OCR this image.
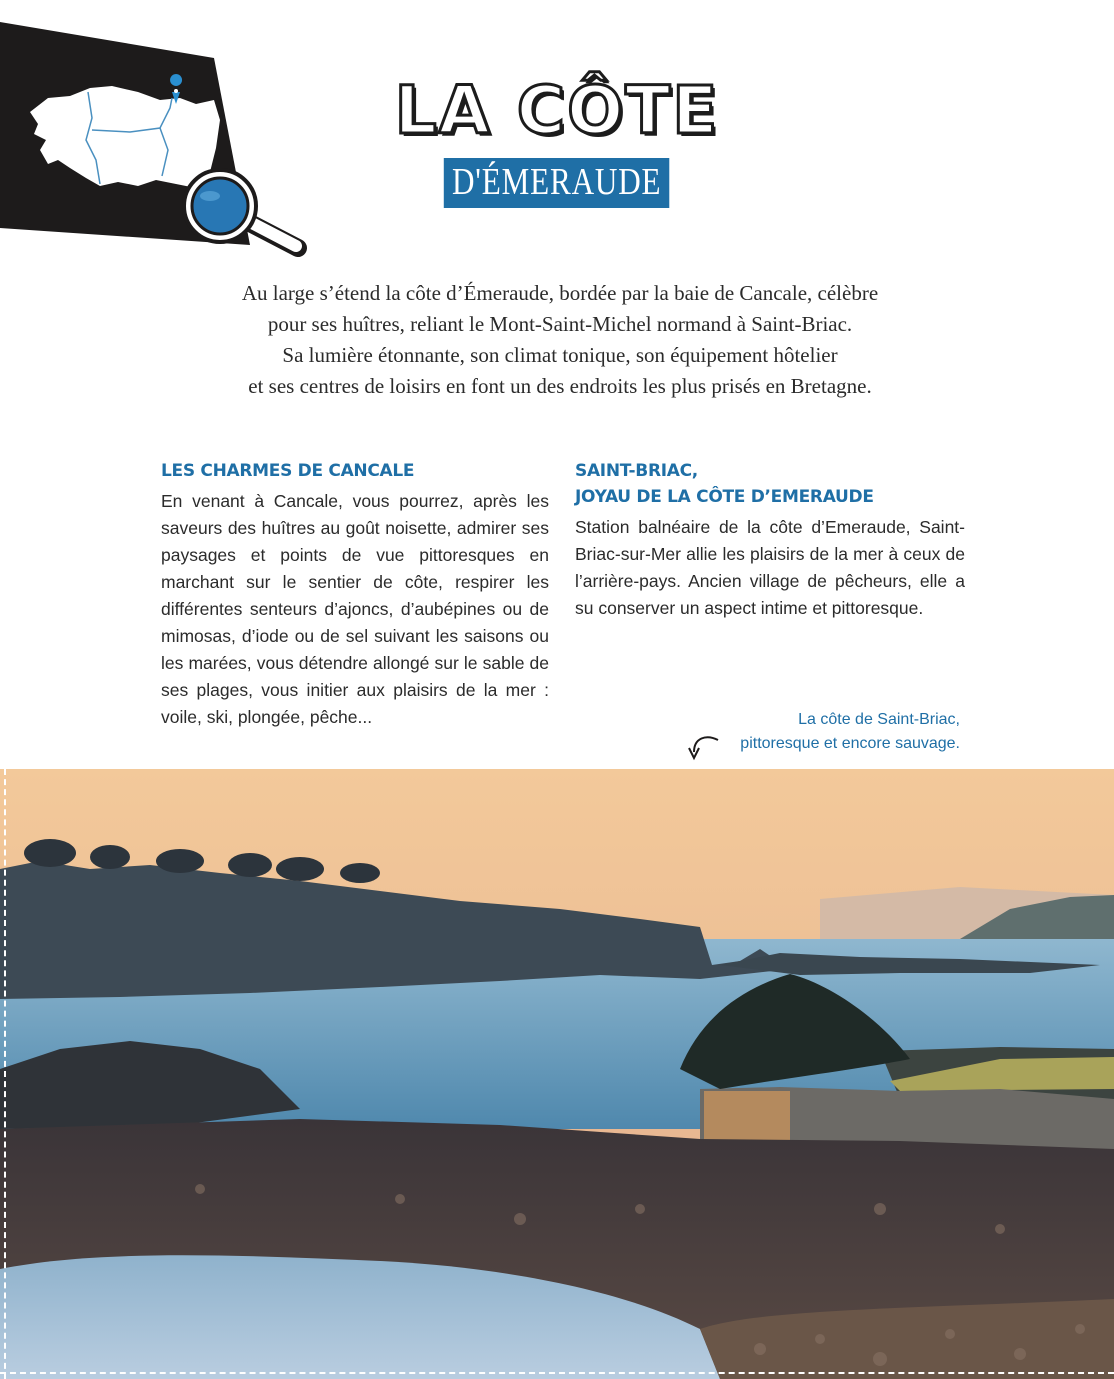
LA CÔTE
D'ÉMERAUDE
Au large s’étend la côte d’Émeraude, bordée par la baie de Cancale, célèbre
pour ses huîtres, reliant le Mont-Saint-Michel normand à Saint-Briac.
Sa lumière étonnante, son climat tonique, son équipement hôtelier
et ses centres de loisirs en font un des endroits les plus prisés en Bretagne.
LES CHARMES DE CANCALE

En venant à Cancale, vous pourrez, après les saveurs des huîtres au goût noisette, admirer ses paysages et points de vue pittoresques en marchant sur le sentier de côte, respirer les différentes senteurs d’ajoncs, d’aubépines ou de mimosas, d’iode ou de sel suivant les saisons ou les marées, vous détendre allongé sur le sable de ses plages, vous initier aux plaisirs de la mer : voile, ski, plongée, pêche...

SAINT-BRIAC,
JOYAU DE LA CÔTE D’EMERAUDE

Station balnéaire de la côte d’Emeraude, Saint-Briac-sur-Mer allie les plaisirs de la mer à ceux de l’arrière-pays. Ancien village de pêcheurs, elle a su conserver un aspect intime et pittoresque.

La côte de Saint-Briac,
pittoresque et encore sauvage.
